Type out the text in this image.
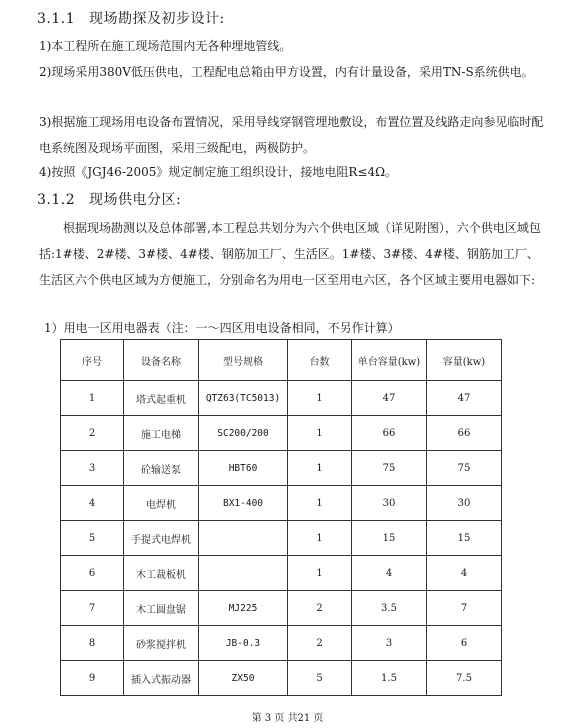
3.1.1 现场勘探及初步设计:
1)本工程所在施工现场范围内无各种埋地管线。
2)现场采用380V低压供电，工程配电总箱由甲方设置，内有计量设备，采用TN-S系统供电。
3)根据施工现场用电设备布置情况，采用导线穿钢管埋地敷设，布置位置及线路走向参见临时配电系统图及现场平面图，采用三级配电，两极防护。
4)按照《JGJ46-2005》规定制定施工组织设计，接地电阻R≤4Ω。
3.1.2 现场供电分区:
根据现场勘测以及总体部署,本工程总共划分为六个供电区域（详见附图），六个供电区域包括:1#楼、2#楼、3#楼、4#楼、钢筋加工厂、生活区。1#楼、3#楼、4#楼、钢筋加工厂、生活区六个供电区域为方便施工，分别命名为用电一区至用电六区，各个区域主要用电器如下:
1）用电一区用电器表（注：一～四区用电设备相同，不另作计算）
序号	设备名称	型号规格	台数	单台容量(kw)	容量(kw)
1	塔式起重机	QTZ63(TC5013)	1	47	47
2	施工电梯	SC200/200	1	66	66
3	砼输送泵	HBT60	1	75	75
4	电焊机	BX1-400	1	30	30
5	手提式电焊机		1	15	15
6	木工裁板机		1	4	4
7	木工圆盘锯	MJ225	2	3.5	7
8	砂浆搅拌机	JB-0.3	2	3	6
9	插入式振动器	ZX50	5	1.5	7.5
第 3 页 共21 页
